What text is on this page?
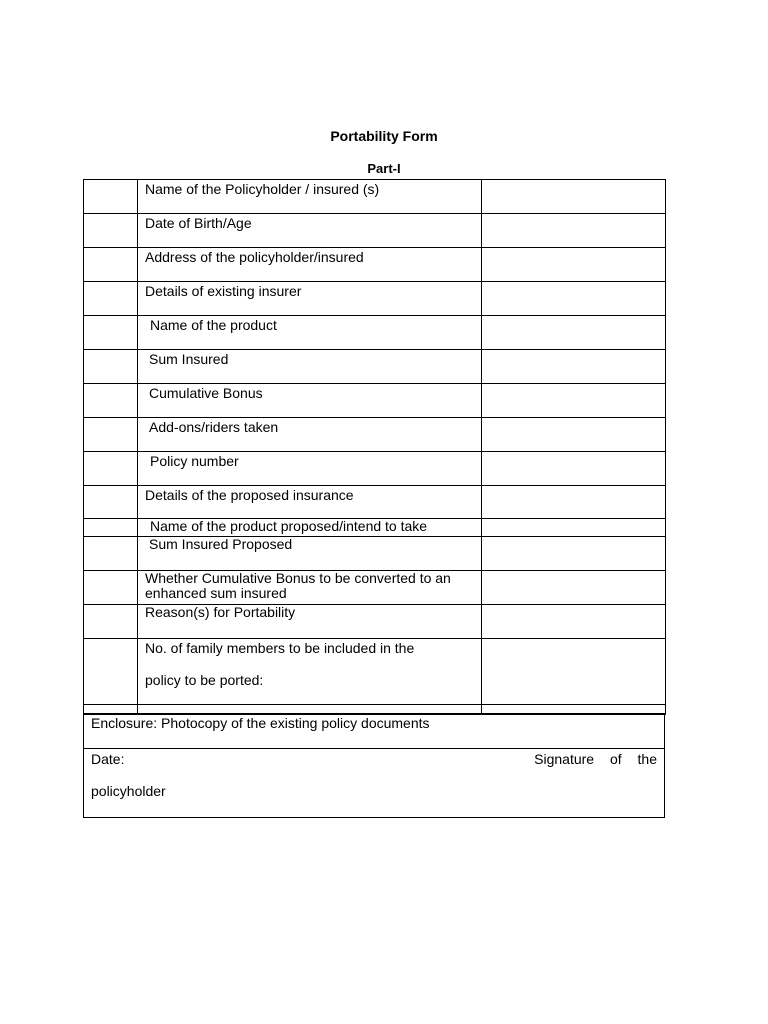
Portability Form
Part-I
	Name of the Policyholder / insured (s)	
	Date of Birth/Age	
	Address of the policyholder/insured	
	Details of existing insurer	
	Name of the product	
	Sum Insured	
	Cumulative Bonus	
	Add-ons/riders taken	
	Policy number	
	Details of the proposed insurance	
	Name of the product proposed/intend to take	
	Sum Insured Proposed	
	Whether Cumulative Bonus to be converted to an enhanced sum insured	
	Reason(s) for Portability	

	No. of family members to be included in the
policy to be ported:	

Enclosure: Photocopy of the existing policy documents

Date:	Signature of the
policyholder
